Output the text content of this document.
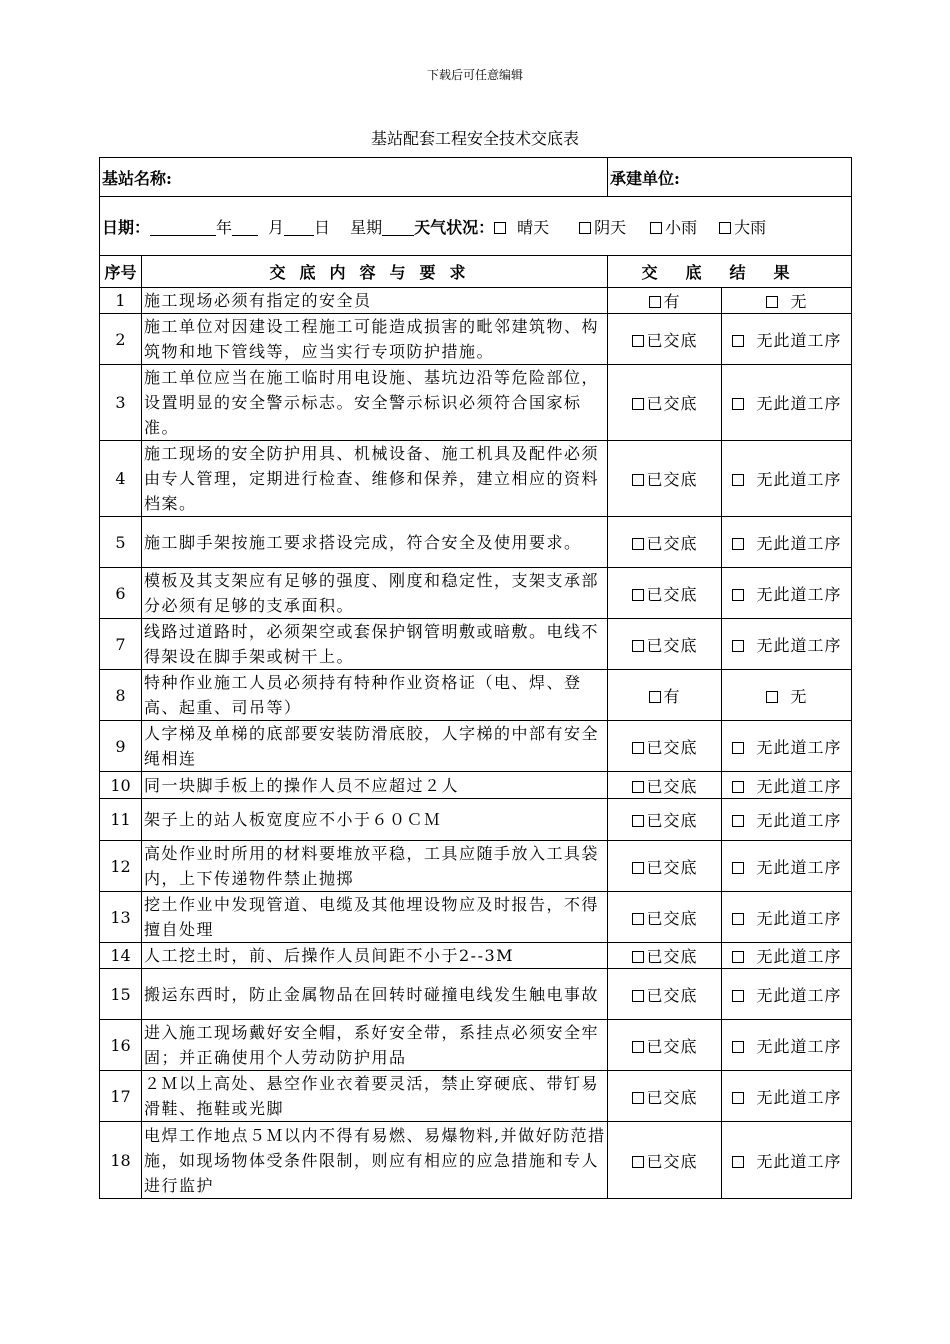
下载后可任意编辑
基站配套工程安全技术交底表
基站名称:		承建单位:	
日期： 年 月 日 星期 天气状况： 晴天 阴天 小雨 大雨			
序号	交底内容与要求	交底结果	
1	施工现场必须有指定的安全员	有	无
2	施工单位对因建设工程施工可能造成损害的毗邻建筑物、构筑物和地下管线等，应当实行专项防护措施。	已交底	无此道工序
3	施工单位应当在施工临时用电设施、基坑边沿等危险部位，设置明显的安全警示标志。安全警示标识必须符合国家标准。	已交底	无此道工序
4	施工现场的安全防护用具、机械设备、施工机具及配件必须由专人管理，定期进行检查、维修和保养，建立相应的资料档案。	已交底	无此道工序
5	施工脚手架按施工要求搭设完成，符合安全及使用要求。	已交底	无此道工序
6	模板及其支架应有足够的强度、刚度和稳定性，支架支承部分必须有足够的支承面积。	已交底	无此道工序
7	线路过道路时，必须架空或套保护钢管明敷或暗敷。电线不得架设在脚手架或树干上。	已交底	无此道工序
8	特种作业施工人员必须持有特种作业资格证（电、焊、登高、起重、司吊等）	有	无
9	人字梯及单梯的底部要安装防滑底胶，人字梯的中部有安全绳相连	已交底	无此道工序
10	同一块脚手板上的操作人员不应超过２人	已交底	无此道工序
11	架子上的站人板宽度应不小于６０ＣＭ	已交底	无此道工序
12	高处作业时所用的材料要堆放平稳，工具应随手放入工具袋内，上下传递物件禁止抛掷	已交底	无此道工序
13	挖土作业中发现管道、电缆及其他埋设物应及时报告，不得擅自处理	已交底	无此道工序
14	人工挖土时，前、后操作人员间距不小于2--3M	已交底	无此道工序
15	搬运东西时，防止金属物品在回转时碰撞电线发生触电事故	已交底	无此道工序
16	进入施工现场戴好安全帽，系好安全带，系挂点必须安全牢固；并正确使用个人劳动防护用品	已交底	无此道工序
17	２Ｍ以上高处、悬空作业衣着要灵活，禁止穿硬底、带钉易滑鞋、拖鞋或光脚	已交底	无此道工序
18	电焊工作地点５Ｍ以内不得有易燃、易爆物料,并做好防范措施，如现场物体受条件限制，则应有相应的应急措施和专人进行监护	已交底	无此道工序
